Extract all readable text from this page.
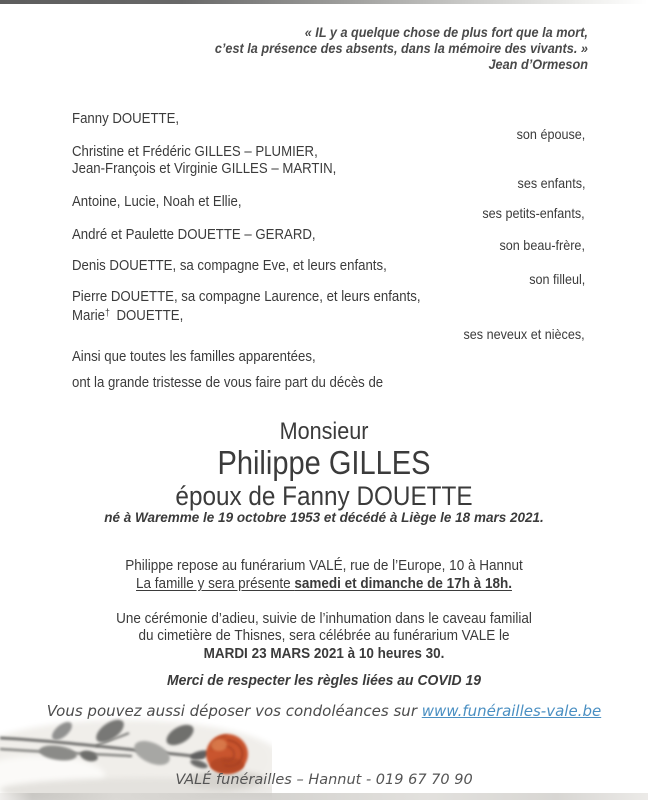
« IL y a quelque chose de plus fort que la mort,
c’est la présence des absents, dans la mémoire des vivants. »
Jean d’Ormeson
Fanny DOUETTE,
son épouse,
Christine et Frédéric GILLES – PLUMIER,
Jean-François et Virginie GILLES – MARTIN,
ses enfants,
Antoine, Lucie, Noah et Ellie,
ses petits-enfants,
André et Paulette DOUETTE – GERARD,
son beau-frère,
Denis DOUETTE, sa compagne Eve, et leurs enfants,
son filleul,
Pierre DOUETTE, sa compagne Laurence, et leurs enfants,
Marie† DOUETTE,
ses neveux et nièces,
Ainsi que toutes les familles apparentées,
ont la grande tristesse de vous faire part du décès de
Monsieur
Philippe GILLES
époux de Fanny DOUETTE
né à Waremme le 19 octobre 1953 et décédé à Liège le 18 mars 2021.
Philippe repose au funérarium VALÉ, rue de l’Europe, 10 à Hannut
La famille y sera présente samedi et dimanche de 17h à 18h.
Une cérémonie d’adieu, suivie de l’inhumation dans le caveau familial
du cimetière de Thisnes, sera célébrée au funérarium VALE le
MARDI 23 MARS 2021 à 10 heures 30.
Merci de respecter les règles liées au COVID 19
Vous pouvez aussi déposer vos condoléances sur www.funérailles-vale.be
VALÉ funérailles – Hannut - 019 67 70 90
